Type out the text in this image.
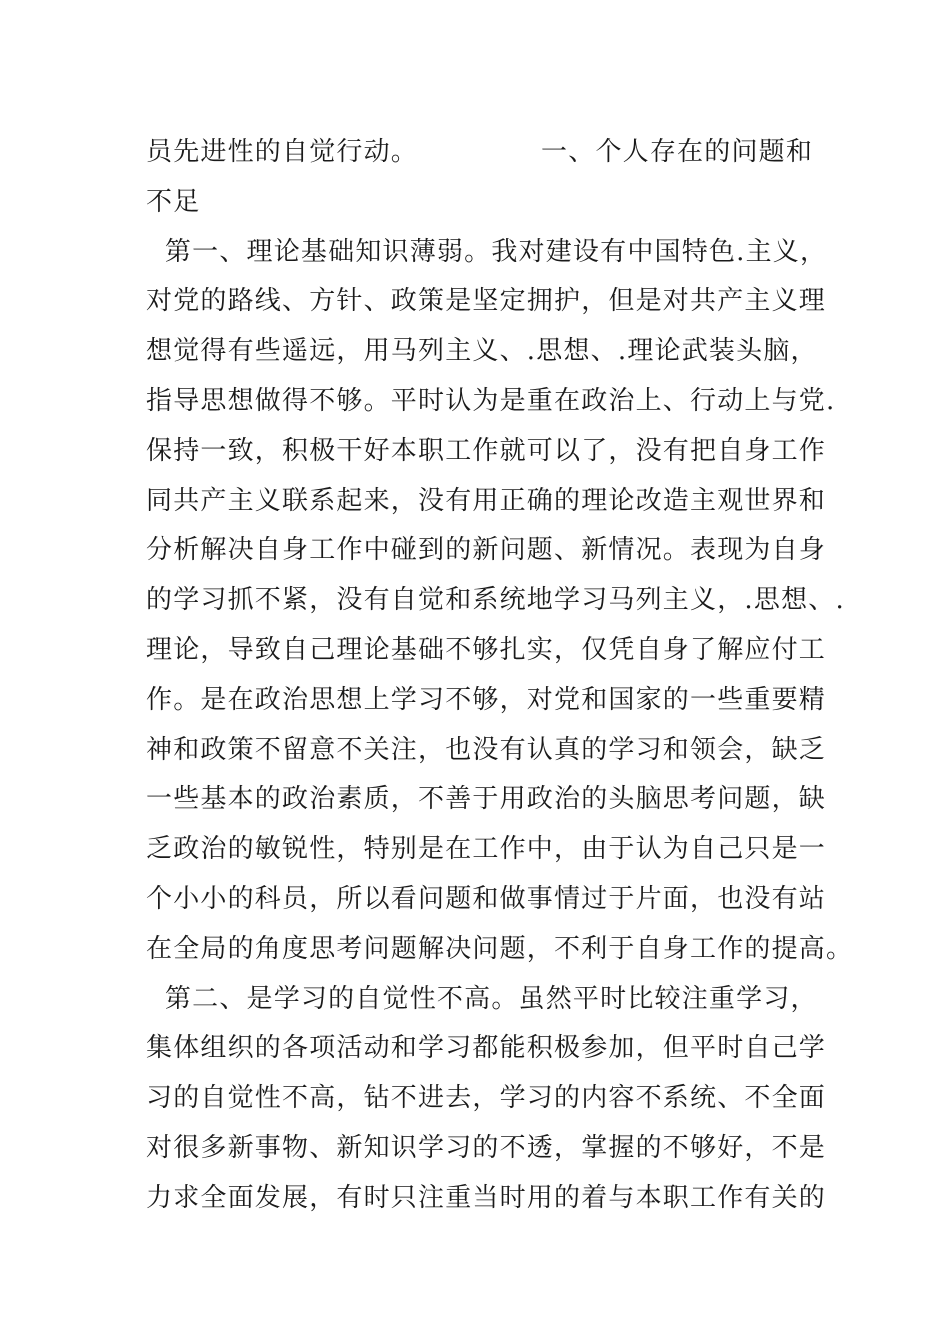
员先进性的自觉行动。             一、个人存在的问题和
不足
第一、理论基础知识薄弱。我对建设有中国特色.主义，
对党的路线、方针、政策是坚定拥护，但是对共产主义理
想觉得有些遥远，用马列主义、.思想、.理论武装头脑，
指导思想做得不够。平时认为是重在政治上、行动上与党.
保持一致，积极干好本职工作就可以了，没有把自身工作
同共产主义联系起来，没有用正确的理论改造主观世界和
分析解决自身工作中碰到的新问题、新情况。表现为自身
的学习抓不紧，没有自觉和系统地学习马列主义，.思想、.
理论，导致自己理论基础不够扎实，仅凭自身了解应付工
作。是在政治思想上学习不够，对党和国家的一些重要精
神和政策不留意不关注，也没有认真的学习和领会，缺乏
一些基本的政治素质，不善于用政治的头脑思考问题，缺
乏政治的敏锐性，特别是在工作中，由于认为自己只是一
个小小的科员，所以看问题和做事情过于片面，也没有站
在全局的角度思考问题解决问题，不利于自身工作的提高。
第二、是学习的自觉性不高。虽然平时比较注重学习，
集体组织的各项活动和学习都能积极参加，但平时自己学
习的自觉性不高，钻不进去，学习的内容不系统、不全面
对很多新事物、新知识学习的不透，掌握的不够好，不是
力求全面发展，有时只注重当时用的着与本职工作有关的
